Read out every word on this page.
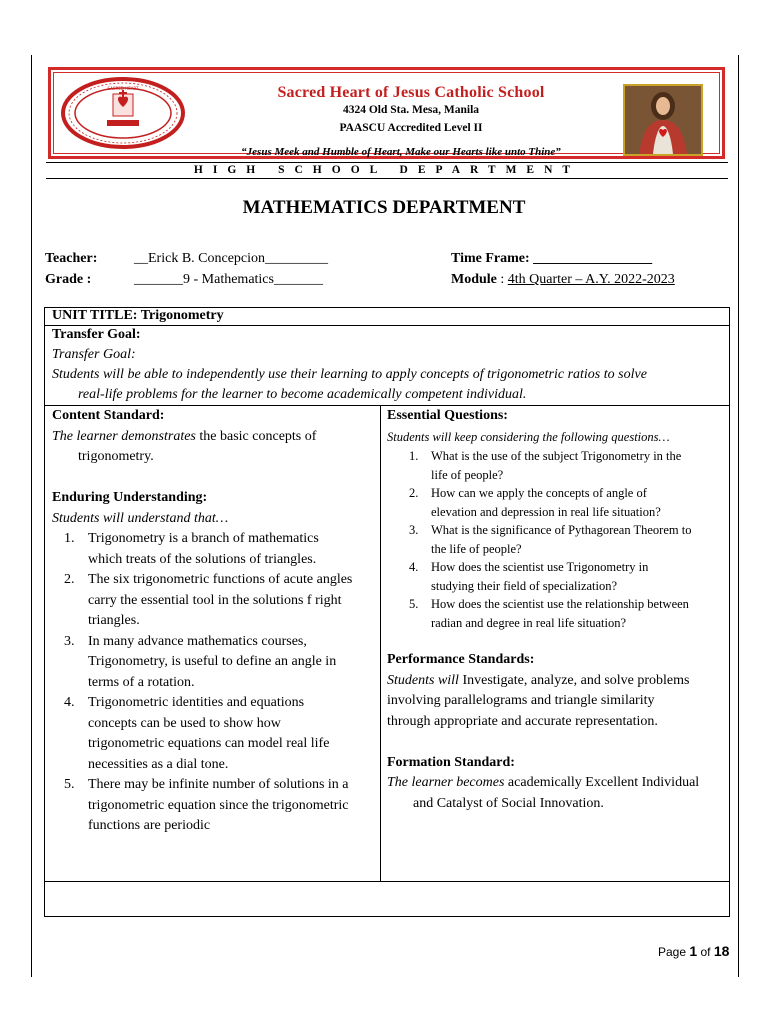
SACRED HEART	Sacred Heart of Jesus Catholic School
4324 Old Sta. Mesa, Manila
PAASCU Accredited Level II
“Jesus Meek and Humble of Heart, Make our Hearts like unto Thine”
HIGH SCHOOL DEPARTMENT
MATHEMATICS DEPARTMENT
Teacher:	__Erick B. Concepcion_________
Grade :	_______9 - Mathematics_______
Time Frame: _________________
Module : 4th Quarter – A.Y. 2022-2023
UNIT TITLE: Trigonometry
Transfer Goal:
Transfer Goal:
Students will be able to independently use their learning to apply concepts of trigonometric ratios to solve
real-life problems for the learner to become academically competent individual.
Content Standard:
The learner demonstrates the basic concepts of
trigonometry.
Enduring Understanding:
Students will understand that…
1. Trigonometry is a branch of mathematics
which treats of the solutions of triangles.
2. The six trigonometric functions of acute angles
carry the essential tool in the solutions f right
triangles.
3. In many advance mathematics courses,
Trigonometry, is useful to define an angle in
terms of a rotation.
4. Trigonometric identities and equations
concepts can be used to show how
trigonometric equations can model real life
necessities as a dial tone.
5. There may be infinite number of solutions in a
trigonometric equation since the trigonometric
functions are periodic
Essential Questions:
Students will keep considering the following questions…
1. What is the use of the subject Trigonometry in the
life of people?
2. How can we apply the concepts of angle of
elevation and depression in real life situation?
3. What is the significance of Pythagorean Theorem to
the life of people?
4. How does the scientist use Trigonometry in
studying their field of specialization?
5. How does the scientist use the relationship between
radian and degree in real life situation?
Performance Standards:
Students will Investigate, analyze, and solve problems
involving parallelograms and triangle similarity
through appropriate and accurate representation.
Formation Standard:
The learner becomes academically Excellent Individual
and Catalyst of Social Innovation.
Page 1 of 18
